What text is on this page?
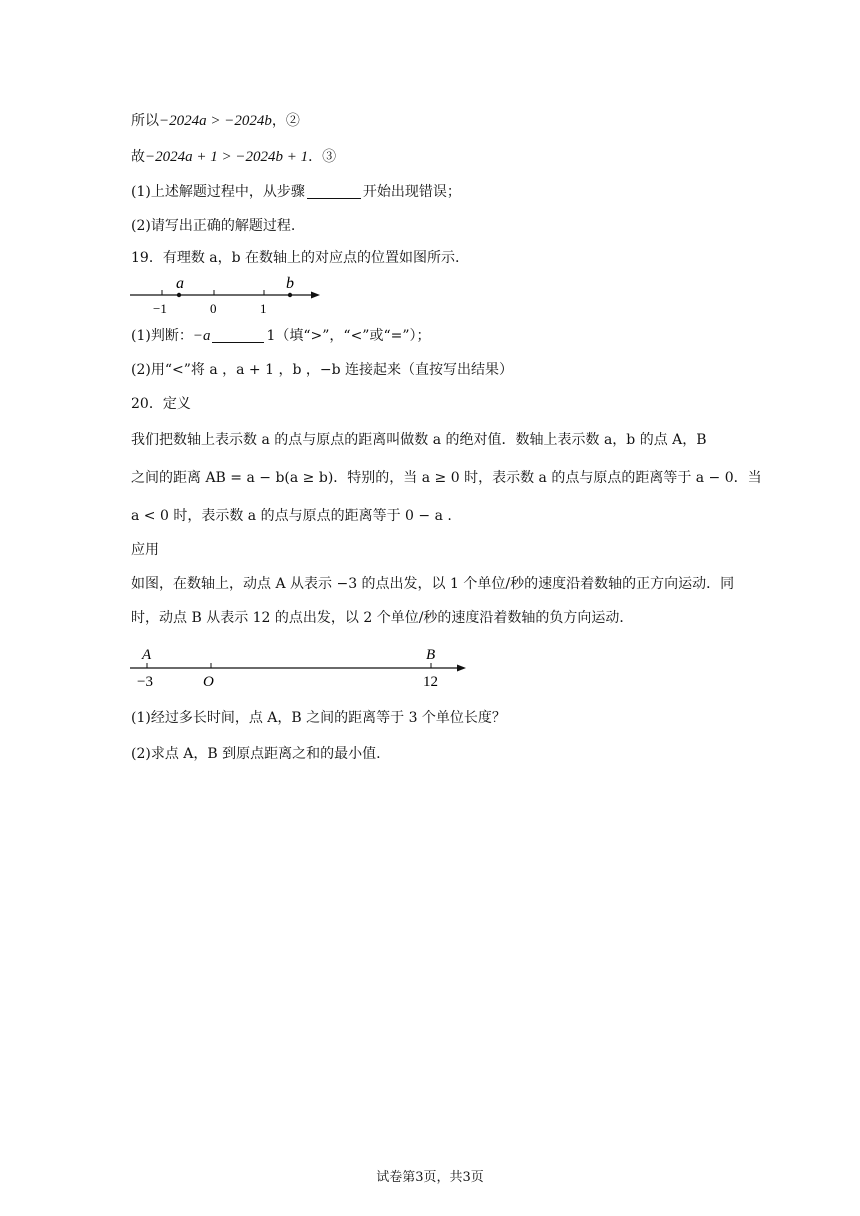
所以−2024a > −2024b，②
故−2024a + 1 > −2024b + 1．③
(1)上述解题过程中，从步骤	开始出现错误；
(2)请写出正确的解题过程.
19．有理数 a，b 在数轴上的对应点的位置如图所示.
a	b
−1	0	1
(1)判断：−a	1（填“>”，“<”或“=”）；
(2)用“<”将 a ，a + 1 ，b ，−b 连接起来（直按写出结果）
20．定义
我们把数轴上表示数 a 的点与原点的距离叫做数 a 的绝对值．数轴上表示数 a，b 的点 A，B
之间的距离 AB = a − b(a ≥ b)．特别的，当 a ≥ 0 时，表示数 a 的点与原点的距离等于 a − 0．当
a < 0 时，表示数 a 的点与原点的距离等于 0 − a .
应用
如图，在数轴上，动点 A 从表示 −3 的点出发，以 1 个单位/秒的速度沿着数轴的正方向运动．同
时，动点 B 从表示 12 的点出发，以 2 个单位/秒的速度沿着数轴的负方向运动．
A	B
−3	O	12
(1)经过多长时间，点 A，B 之间的距离等于 3 个单位长度？
(2)求点 A，B 到原点距离之和的最小值.
试卷第3页，共3页
